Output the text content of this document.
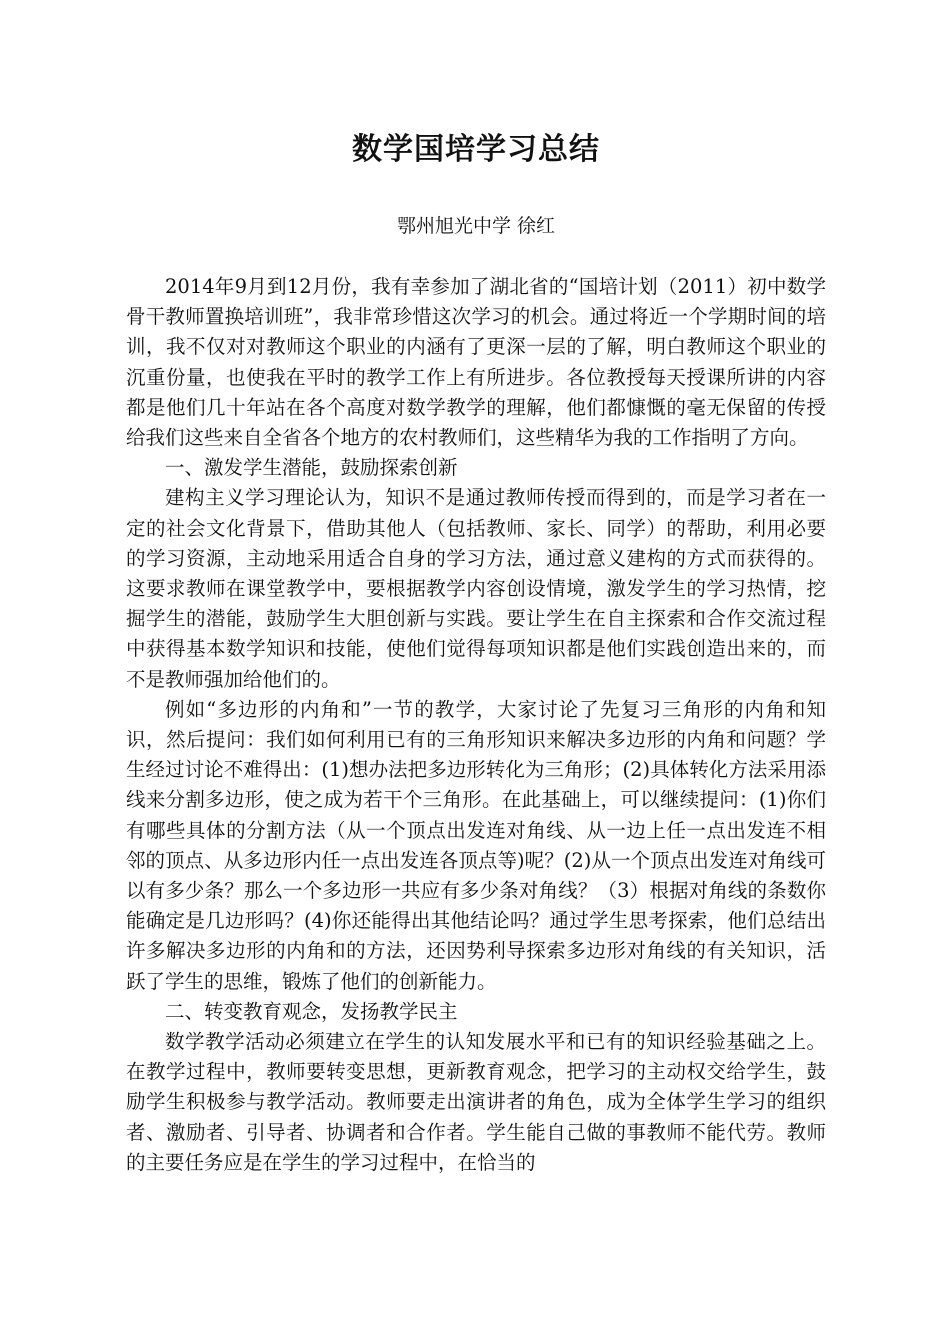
数学国培学习总结

鄂州旭光中学 徐红

2014年9月到12月份，我有幸参加了湖北省的“国培计划（2011）初中数学骨干教师置换培训班”，我非常珍惜这次学习的机会。通过将近一个学期时间的培训，我不仅对对教师这个职业的内涵有了更深一层的了解，明白教师这个职业的沉重份量，也使我在平时的教学工作上有所进步。各位教授每天授课所讲的内容都是他们几十年站在各个高度对数学教学的理解，他们都慷慨的毫无保留的传授给我们这些来自全省各个地方的农村教师们，这些精华为我的工作指明了方向。

一、激发学生潜能，鼓励探索创新

建构主义学习理论认为，知识不是通过教师传授而得到的，而是学习者在一定的社会文化背景下，借助其他人（包括教师、家长、同学）的帮助，利用必要的学习资源，主动地采用适合自身的学习方法，通过意义建构的方式而获得的。这要求教师在课堂教学中，要根据教学内容创设情境，激发学生的学习热情，挖掘学生的潜能，鼓励学生大胆创新与实践。要让学生在自主探索和合作交流过程中获得基本数学知识和技能，使他们觉得每项知识都是他们实践创造出来的，而不是教师强加给他们的。

例如“多边形的内角和”一节的教学，大家讨论了先复习三角形的内角和知识，然后提问：我们如何利用已有的三角形知识来解决多边形的内角和问题？学生经过讨论不难得出：(1)想办法把多边形转化为三角形；(2)具体转化方法采用添线来分割多边形，使之成为若干个三角形。在此基础上，可以继续提问：(1)你们有哪些具体的分割方法（从一个顶点出发连对角线、从一边上任一点出发连不相邻的顶点、从多边形内任一点出发连各顶点等)呢？(2)从一个顶点出发连对角线可以有多少条？那么一个多边形一共应有多少条对角线？（3）根据对角线的条数你能确定是几边形吗？(4)你还能得出其他结论吗？通过学生思考探索，他们总结出许多解决多边形的内角和的方法，还因势利导探索多边形对角线的有关知识，活跃了学生的思维，锻炼了他们的创新能力。

二、转变教育观念，发扬教学民主

数学教学活动必须建立在学生的认知发展水平和已有的知识经验基础之上。在教学过程中，教师要转变思想，更新教育观念，把学习的主动权交给学生，鼓励学生积极参与教学活动。教师要走出演讲者的角色，成为全体学生学习的组织者、激励者、引导者、协调者和合作者。学生能自己做的事教师不能代劳。教师的主要任务应是在学生的学习过程中，在恰当的
